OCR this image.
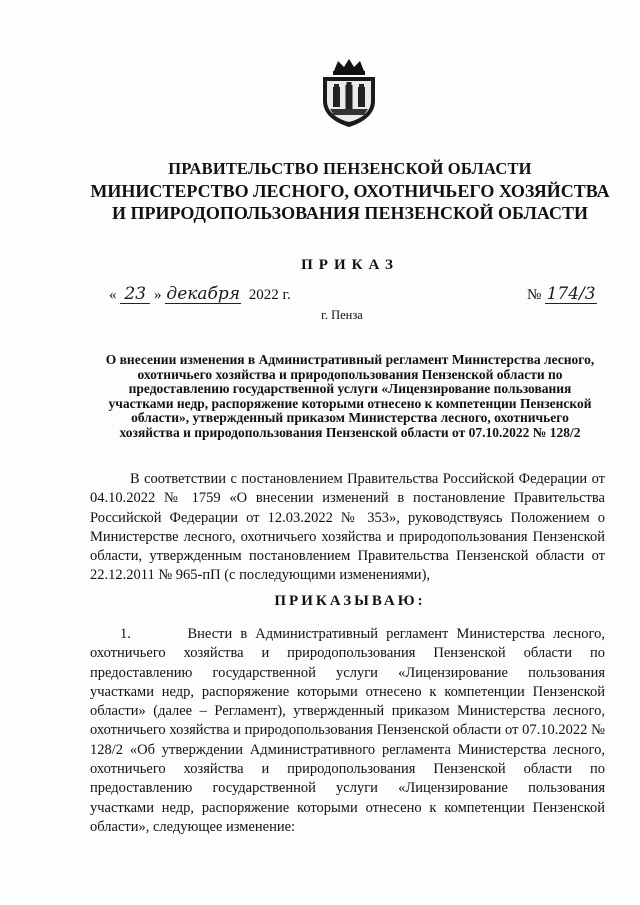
ПРАВИТЕЛЬСТВО ПЕНЗЕНСКОЙ ОБЛАСТИ
МИНИСТЕРСТВО ЛЕСНОГО, ОХОТНИЧЬЕГО ХОЗЯЙСТВА И ПРИРОДОПОЛЬЗОВАНИЯ ПЕНЗЕНСКОЙ ОБЛАСТИ
ПРИКАЗ
« 23 » декабря 2022 г.	№ 174/3
г. Пенза
О внесении изменения в Административный регламент Министерства лесного, охотничьего хозяйства и природопользования Пензенской области по предоставлению государственной услуги «Лицензирование пользования участками недр, распоряжение которыми отнесено к компетенции Пензенской области», утвержденный приказом Министерства лесного, охотничьего хозяйства и природопользования Пензенской области от 07.10.2022 № 128/2
В соответствии с постановлением Правительства Российской Федерации от 04.10.2022 № 1759 «О внесении изменений в постановление Правительства Российской Федерации от 12.03.2022 № 353», руководствуясь Положением о Министерстве лесного, охотничьего хозяйства и природопользования Пензенской области, утвержденным постановлением Правительства Пензенской области от 22.12.2011 № 965-пП (с последующими изменениями),
ПРИКАЗЫВАЮ:
1.       Внести в Административный регламент Министерства лесного, охотничьего хозяйства и природопользования Пензенской области по предоставлению государственной услуги «Лицензирование пользования участками недр, распоряжение которыми отнесено к компетенции Пензенской области» (далее – Регламент), утвержденный приказом Министерства лесного, охотничьего хозяйства и природопользования Пензенской области от 07.10.2022 № 128/2 «Об утверждении Административного регламента Министерства лесного, охотничьего хозяйства и природопользования Пензенской области по предоставлению государственной услуги «Лицензирование пользования участками недр, распоряжение которыми отнесено к компетенции Пензенской области», следующее изменение:
